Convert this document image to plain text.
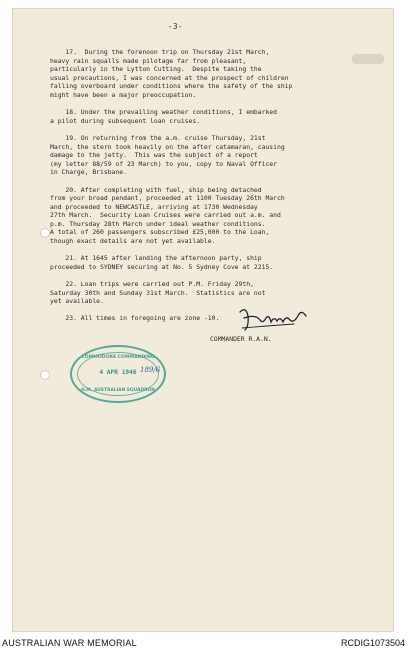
-3-
17.  During the forenoon trip on Thursday 21st March,
heavy rain squalls made pilotage far from pleasant,
particularly in the Lytton Cutting.  Despite taking the
usual precautions, I was concerned at the prospect of children
falling overboard under conditions where the safety of the ship
might have been a major preoccupation.
18. Under the prevailing weather conditions, I embarked
a pilot during subsequent loan cruises.
19. On returning from the a.m. cruise Thursday, 21st
March, the stern took heavily on the after catamaran, causing
damage to the jetty.  This was the subject of a report
(my letter 88/59 of 23 March) to you, copy to Naval Officer
in Charge, Brisbane.
20. After completing with fuel, ship being detached
from your broad pendant, proceeded at 1100 Tuesday 26th March
and proceeded to NEWCASTLE, arriving at 1730 Wednesday
27th March.  Security Loan Cruises were carried out a.m. and
p.m. Thursday 28th March under ideal weather conditions.
A total of 260 passengers subscribed £25,000 to the Loan,
though exact details are not yet available.
21. At 1645 after landing the afternoon party, ship
proceeded to SYDNEY securing at No. 5 Sydney Cove at 2215.
22. Loan trips were carried out P.M. Friday 29th,
Saturday 30th and Sunday 31st March.  Statistics are not
yet available.
23. All times in foregoing are zone -10.
COMMANDER R.A.N.
COMMODORE COMMANDING
4 APR 1946 189/6
H.M. AUSTRALIAN SQUADRON
AUSTRALIAN WAR MEMORIAL	RCDIG1073504
